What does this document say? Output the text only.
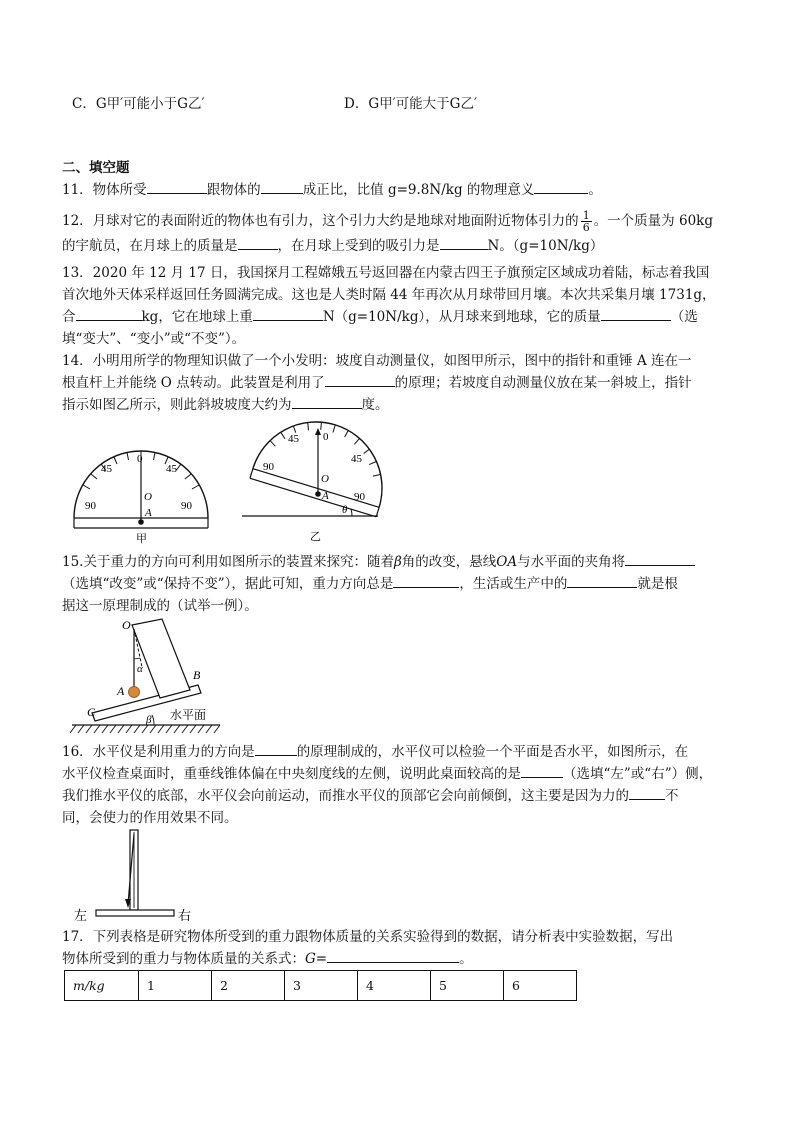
C．G甲′可能小于G乙′	D．G甲′可能大于G乙′
二、填空题
11．物体所受	跟物体的	成正比，比值 g=9.8N/kg 的物理意义	。
12．月球对它的表面附近的物体也有引力，这个引力大约是地球对地面附近物体引力的 $\frac{1}{6}$ 。一个质量为 60kg
的宇航员，在月球上的质量是	，在月球上受到的吸引力是	N。（g=10N/kg）
13．2020 年 12 月 17 日，我国探月工程嫦娥五号返回器在内蒙古四王子旗预定区域成功着陆，标志着我国
首次地外天体采样返回任务圆满完成。这也是人类时隔 44 年再次从月球带回月壤。本次共采集月壤 1731g，
合	kg，它在地球上重	N（g=10N/kg），从月球来到地球，它的质量	（选
填“变大”、“变小”或“不变”）。
14．小明用所学的物理知识做了一个小发明：坡度自动测量仪，如图甲所示，图中的指针和重锤 A 连在一
根直杆上并能绕 O 点转动。此装置是利用了	的原理；若坡度自动测量仪放在某一斜坡上，指针
指示如图乙所示，则此斜坡坡度大约为	度。
0
45	45
90	90
O
A
甲
45 0
45
90
90
O
A
θ
乙
15.关于重力的方向可利用如图所示的装置来探究：随着β角的改变，悬线OA与水平面的夹角将
（选填“改变”或“保持不变”），据此可知，重力方向总是	，生活或生产中的	就是根
据这一原理制成的（试举一例）。
O
α
A
B
C
β 水平面
16．水平仪是利用重力的方向是	的原理制成的，水平仪可以检验一个平面是否水平，如图所示，在
水平仪检查桌面时，重垂线锥体偏在中央刻度线的左侧，说明此桌面较高的是	（选填“左”或“右”）侧，
我们推水平仪的底部，水平仪会向前运动，而推水平仪的顶部它会向前倾倒，这主要是因为力的	不
同，会使力的作用效果不同。
左	右
17．下列表格是研究物体所受到的重力跟物体质量的关系实验得到的数据，请分析表中实验数据，写出
物体所受到的重力与物体质量的关系式：G=	。
m/kg	1	2	3	4	5	6
